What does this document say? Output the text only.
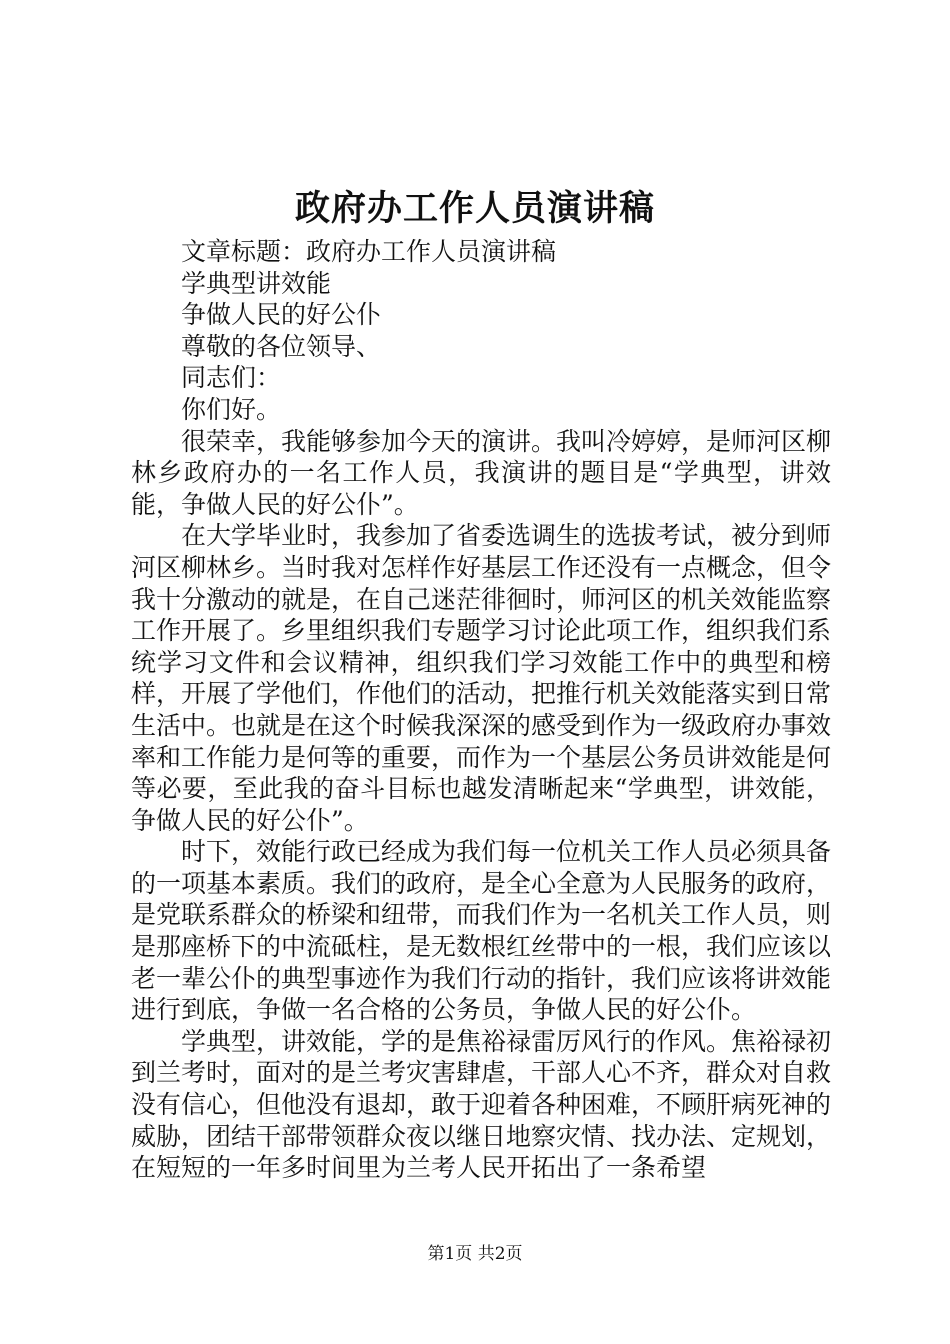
政府办工作人员演讲稿

文章标题：政府办工作人员演讲稿

学典型讲效能

争做人民的好公仆

尊敬的各位领导、

同志们：

你们好。

很荣幸，我能够参加今天的演讲。我叫冷婷婷，是师河区柳林乡政府办的一名工作人员，我演讲的题目是“学典型，讲效能，争做人民的好公仆”。

在大学毕业时，我参加了省委选调生的选拔考试，被分到师河区柳林乡。当时我对怎样作好基层工作还没有一点概念，但令我十分激动的就是，在自己迷茫徘徊时，师河区的机关效能监察工作开展了。乡里组织我们专题学习讨论此项工作，组织我们系统学习文件和会议精神，组织我们学习效能工作中的典型和榜样，开展了学他们，作他们的活动，把推行机关效能落实到日常生活中。也就是在这个时候我深深的感受到作为一级政府办事效率和工作能力是何等的重要，而作为一个基层公务员讲效能是何等必要，至此我的奋斗目标也越发清晰起来“学典型，讲效能，争做人民的好公仆”。

时下，效能行政已经成为我们每一位机关工作人员必须具备的一项基本素质。我们的政府，是全心全意为人民服务的政府，是党联系群众的桥梁和纽带，而我们作为一名机关工作人员，则是那座桥下的中流砥柱，是无数根红丝带中的一根，我们应该以老一辈公仆的典型事迹作为我们行动的指针，我们应该将讲效能进行到底，争做一名合格的公务员，争做人民的好公仆。

学典型，讲效能，学的是焦裕禄雷厉风行的作风。焦裕禄初到兰考时，面对的是兰考灾害肆虐，干部人心不齐，群众对自救没有信心，但他没有退却，敢于迎着各种困难，不顾肝病死神的威胁，团结干部带领群众夜以继日地察灾情、找办法、定规划，在短短的一年多时间里为兰考人民开拓出了一条希望

第1页 共2页
